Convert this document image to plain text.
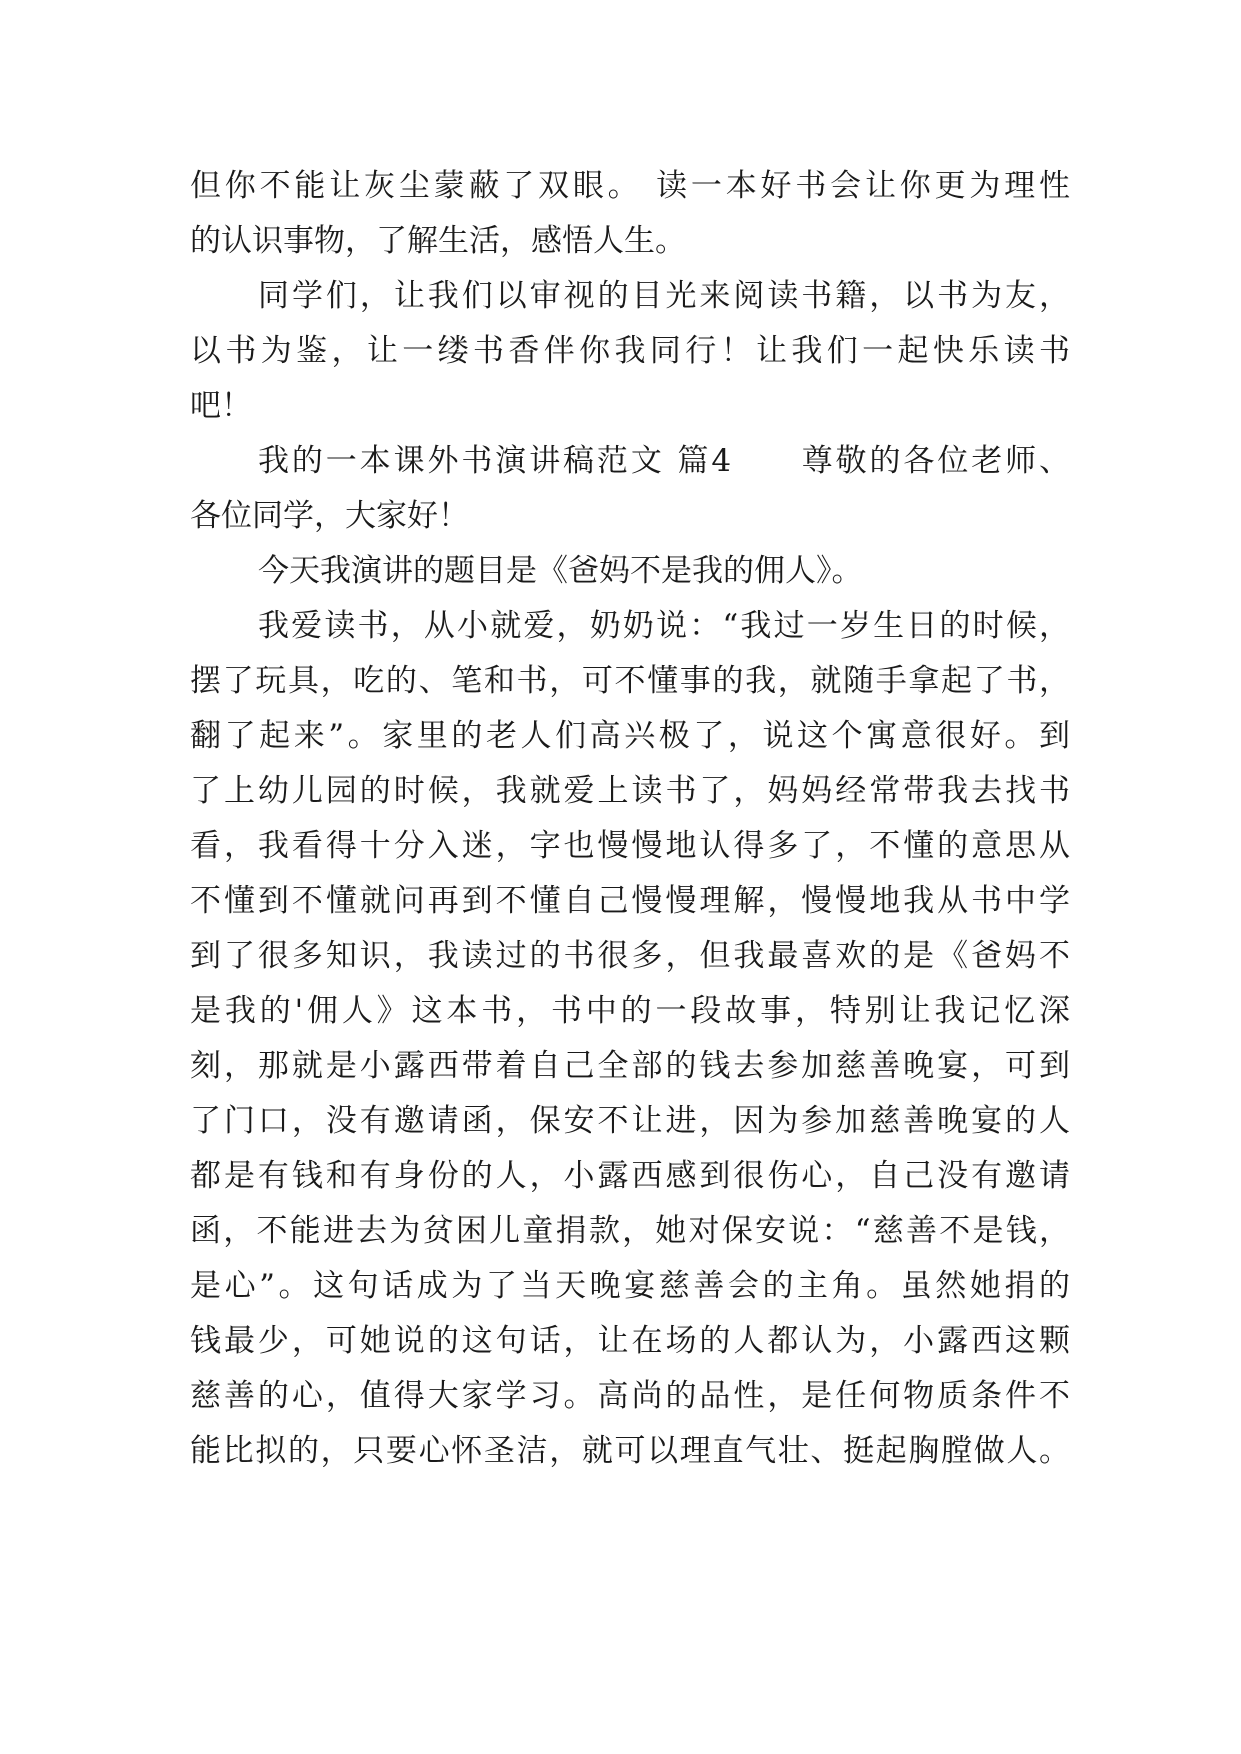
但你不能让灰尘蒙蔽了双眼。 读一本好书会让你更为理性
的认识事物，了解生活，感悟人生。
同学们，让我们以审视的目光来阅读书籍，以书为友，
以书为鉴，让一缕书香伴你我同行！让我们一起快乐读书
吧！
我的一本课外书演讲稿范文 篇4　　尊敬的各位老师、
各位同学，大家好！
今天我演讲的题目是《爸妈不是我的佣人》。
我爱读书，从小就爱，奶奶说：“我过一岁生日的时候，
摆了玩具，吃的、笔和书，可不懂事的我，就随手拿起了书，
翻了起来”。家里的老人们高兴极了，说这个寓意很好。到
了上幼儿园的时候，我就爱上读书了，妈妈经常带我去找书
看，我看得十分入迷，字也慢慢地认得多了，不懂的意思从
不懂到不懂就问再到不懂自己慢慢理解，慢慢地我从书中学
到了很多知识，我读过的书很多，但我最喜欢的是《爸妈不
是我的'佣人》这本书，书中的一段故事，特别让我记忆深
刻，那就是小露西带着自己全部的钱去参加慈善晚宴，可到
了门口，没有邀请函，保安不让进，因为参加慈善晚宴的人
都是有钱和有身份的人，小露西感到很伤心，自己没有邀请
函，不能进去为贫困儿童捐款，她对保安说：“慈善不是钱，
是心”。这句话成为了当天晚宴慈善会的主角。虽然她捐的
钱最少，可她说的这句话，让在场的人都认为，小露西这颗
慈善的心，值得大家学习。高尚的品性，是任何物质条件不
能比拟的，只要心怀圣洁，就可以理直气壮、挺起胸膛做人。
